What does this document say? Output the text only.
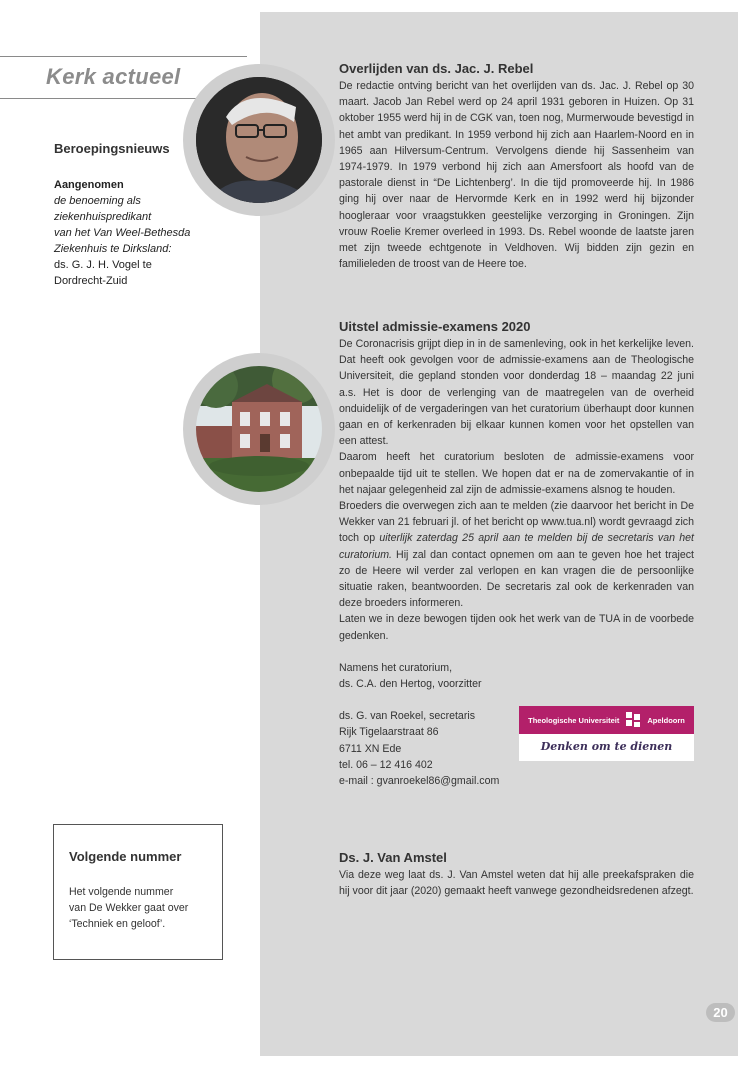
Kerk actueel
Beroepingsnieuws
Aangenomen
de benoeming als
ziekenhuispredikant
van het Van Weel-Bethesda
Ziekenhuis te Dirksland:
ds. G. J. H. Vogel te
Dordrecht-Zuid
Overlijden van ds. Jac. J. Rebel

De redactie ontving bericht van het overlijden van ds. Jac. J. Rebel op 30 maart. Jacob Jan Rebel werd op 24 april 1931 geboren in Huizen. Op 31 oktober 1955 werd hij in de CGK van, toen nog, Murmerwoude bevestigd in het ambt van predikant. In 1959 verbond hij zich aan Haarlem-Noord en in 1965 aan Hilversum-Centrum. Vervolgens diende hij Sassenheim van 1974-1979. In 1979 verbond hij zich aan Amersfoort als hoofd van de pastorale dienst in “De Lichtenberg’. In die tijd promoveerde hij. In 1986 ging hij over naar de Hervormde Kerk en in 1992 werd hij bijzonder hoogleraar voor vraagstukken geestelijke verzorging in Groningen. Zijn vrouw Roelie Kremer overleed in 1993. Ds. Rebel woonde de laatste jaren met zijn tweede echtgenote in Veldhoven. Wij bidden zijn gezin en familieleden de troost van de Heere toe.

Uitstel admissie-examens 2020

De Coronacrisis grijpt diep in in de samenleving, ook in het kerkelijke leven. Dat heeft ook gevolgen voor de admissie-examens aan de Theologische Universiteit, die gepland stonden voor donderdag 18 – maandag 22 juni a.s. Het is door de verlenging van de maatregelen van de overheid onduidelijk of de vergaderingen van het curatorium überhaupt door kunnen gaan en of kerkenraden bij elkaar kunnen komen voor het opstellen van een attest.

Daarom heeft het curatorium besloten de admissie-examens voor onbepaalde tijd uit te stellen. We hopen dat er na de zomervakantie of in het najaar gelegenheid zal zijn de admissie-examens alsnog te houden.

Broeders die overwegen zich aan te melden (zie daarvoor het bericht in De Wekker van 21 februari jl. of het bericht op www.tua.nl) wordt gevraagd zich toch op uiterlijk zaterdag 25 april aan te melden bij de secretaris van het curatorium. Hij zal dan contact opnemen om aan te geven hoe het traject zo de Heere wil verder zal verlopen en kan vragen die de persoonlijke situatie raken, beantwoorden. De secretaris zal ook de kerkenraden van deze broeders informeren.

Laten we in deze bewogen tijden ook het werk van de TUA in de voorbede gedenken.

Namens het curatorium,
ds. C.A. den Hertog, voorzitter
ds. G. van Roekel, secretaris
Rijk Tigelaarstraat 86
6711 XN Ede
tel. 06 – 12 416 402
e-mail : gvanroekel86@gmail.com
Theologische Universiteit	Apeldoorn
Denken om te dienen
Ds. J. Van Amstel

Via deze weg laat ds. J. Van Amstel weten dat hij alle preekafspraken die hij voor dit jaar (2020) gemaakt heeft vanwege gezondheidsredenen afzegt.

Volgende nummer

Het volgende nummer
van De Wekker gaat over
‘Techniek en geloof’.

20
